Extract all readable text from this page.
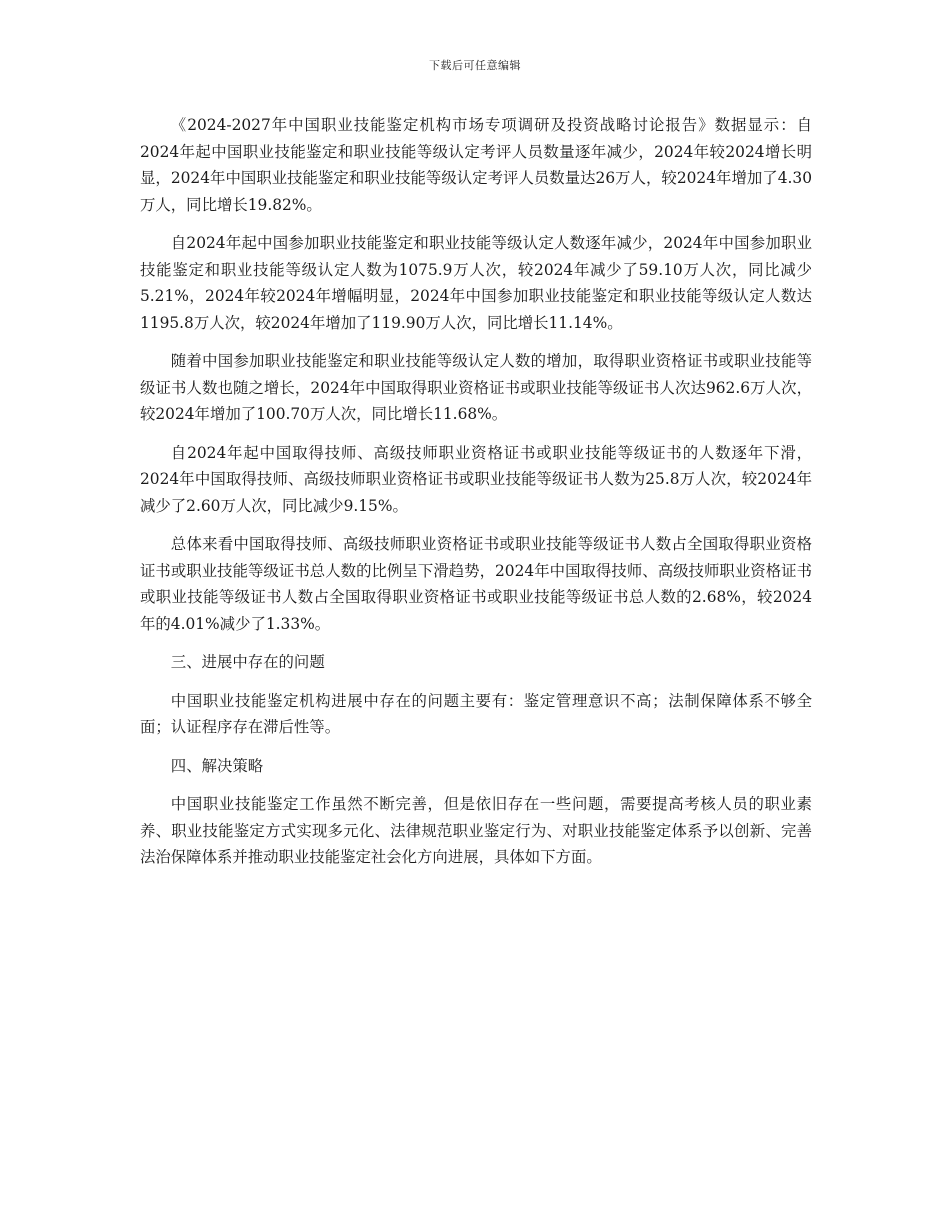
下载后可任意编辑

《2024-2027年中国职业技能鉴定机构市场专项调研及投资战略讨论报告》数据显示：自2024年起中国职业技能鉴定和职业技能等级认定考评人员数量逐年减少，2024年较2024增长明显，2024年中国职业技能鉴定和职业技能等级认定考评人员数量达26万人，较2024年增加了4.30万人，同比增长19.82%。

自2024年起中国参加职业技能鉴定和职业技能等级认定人数逐年减少，2024年中国参加职业技能鉴定和职业技能等级认定人数为1075.9万人次，较2024年减少了59.10万人次，同比减少5.21%，2024年较2024年增幅明显，2024年中国参加职业技能鉴定和职业技能等级认定人数达1195.8万人次，较2024年增加了119.90万人次，同比增长11.14%。

随着中国参加职业技能鉴定和职业技能等级认定人数的增加，取得职业资格证书或职业技能等级证书人数也随之增长，2024年中国取得职业资格证书或职业技能等级证书人次达962.6万人次，较2024年增加了100.70万人次，同比增长11.68%。

自2024年起中国取得技师、高级技师职业资格证书或职业技能等级证书的人数逐年下滑，2024年中国取得技师、高级技师职业资格证书或职业技能等级证书人数为25.8万人次，较2024年减少了2.60万人次，同比减少9.15%。

总体来看中国取得技师、高级技师职业资格证书或职业技能等级证书人数占全国取得职业资格证书或职业技能等级证书总人数的比例呈下滑趋势，2024年中国取得技师、高级技师职业资格证书或职业技能等级证书人数占全国取得职业资格证书或职业技能等级证书总人数的2.68%，较2024年的4.01%减少了1.33%。

三、进展中存在的问题

中国职业技能鉴定机构进展中存在的问题主要有：鉴定管理意识不高；法制保障体系不够全面；认证程序存在滞后性等。

四、解决策略

中国职业技能鉴定工作虽然不断完善，但是依旧存在一些问题，需要提高考核人员的职业素养、职业技能鉴定方式实现多元化、法律规范职业鉴定行为、对职业技能鉴定体系予以创新、完善法治保障体系并推动职业技能鉴定社会化方向进展，具体如下方面。
